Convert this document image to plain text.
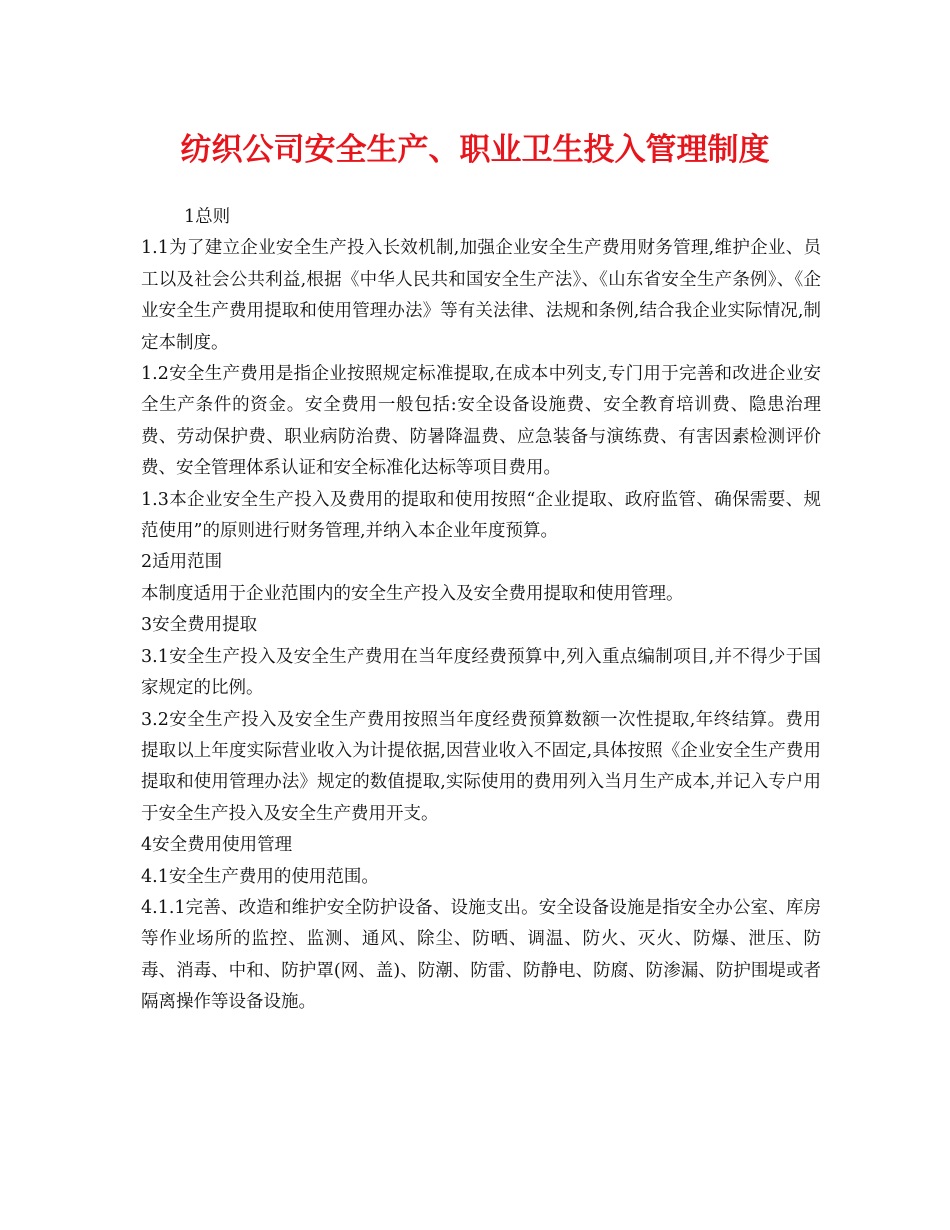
纺织公司安全生产、职业卫生投入管理制度

1总则

1.1为了建立企业安全生产投入长效机制,加强企业安全生产费用财务管理,维护企业、员工以及社会公共利益,根据《中华人民共和国安全生产法》、《山东省安全生产条例》、《企业安全生产费用提取和使用管理办法》等有关法律、法规和条例,结合我企业实际情况,制定本制度。

1.2安全生产费用是指企业按照规定标准提取,在成本中列支,专门用于完善和改进企业安全生产条件的资金。安全费用一般包括:安全设备设施费、安全教育培训费、隐患治理费、劳动保护费、职业病防治费、防暑降温费、应急装备与演练费、有害因素检测评价费、安全管理体系认证和安全标准化达标等项目费用。

1.3本企业安全生产投入及费用的提取和使用按照“企业提取、政府监管、确保需要、规范使用”的原则进行财务管理,并纳入本企业年度预算。

2适用范围

本制度适用于企业范围内的安全生产投入及安全费用提取和使用管理。

3安全费用提取

3.1安全生产投入及安全生产费用在当年度经费预算中,列入重点编制项目,并不得少于国家规定的比例。

3.2安全生产投入及安全生产费用按照当年度经费预算数额一次性提取,年终结算。费用提取以上年度实际营业收入为计提依据,因营业收入不固定,具体按照《企业安全生产费用提取和使用管理办法》规定的数值提取,实际使用的费用列入当月生产成本,并记入专户用于安全生产投入及安全生产费用开支。

4安全费用使用管理

4.1安全生产费用的使用范围。

4.1.1完善、改造和维护安全防护设备、设施支出。安全设备设施是指安全办公室、库房等作业场所的监控、监测、通风、除尘、防晒、调温、防火、灭火、防爆、泄压、防毒、消毒、中和、防护罩(网、盖)、防潮、防雷、防静电、防腐、防渗漏、防护围堤或者隔离操作等设备设施。
